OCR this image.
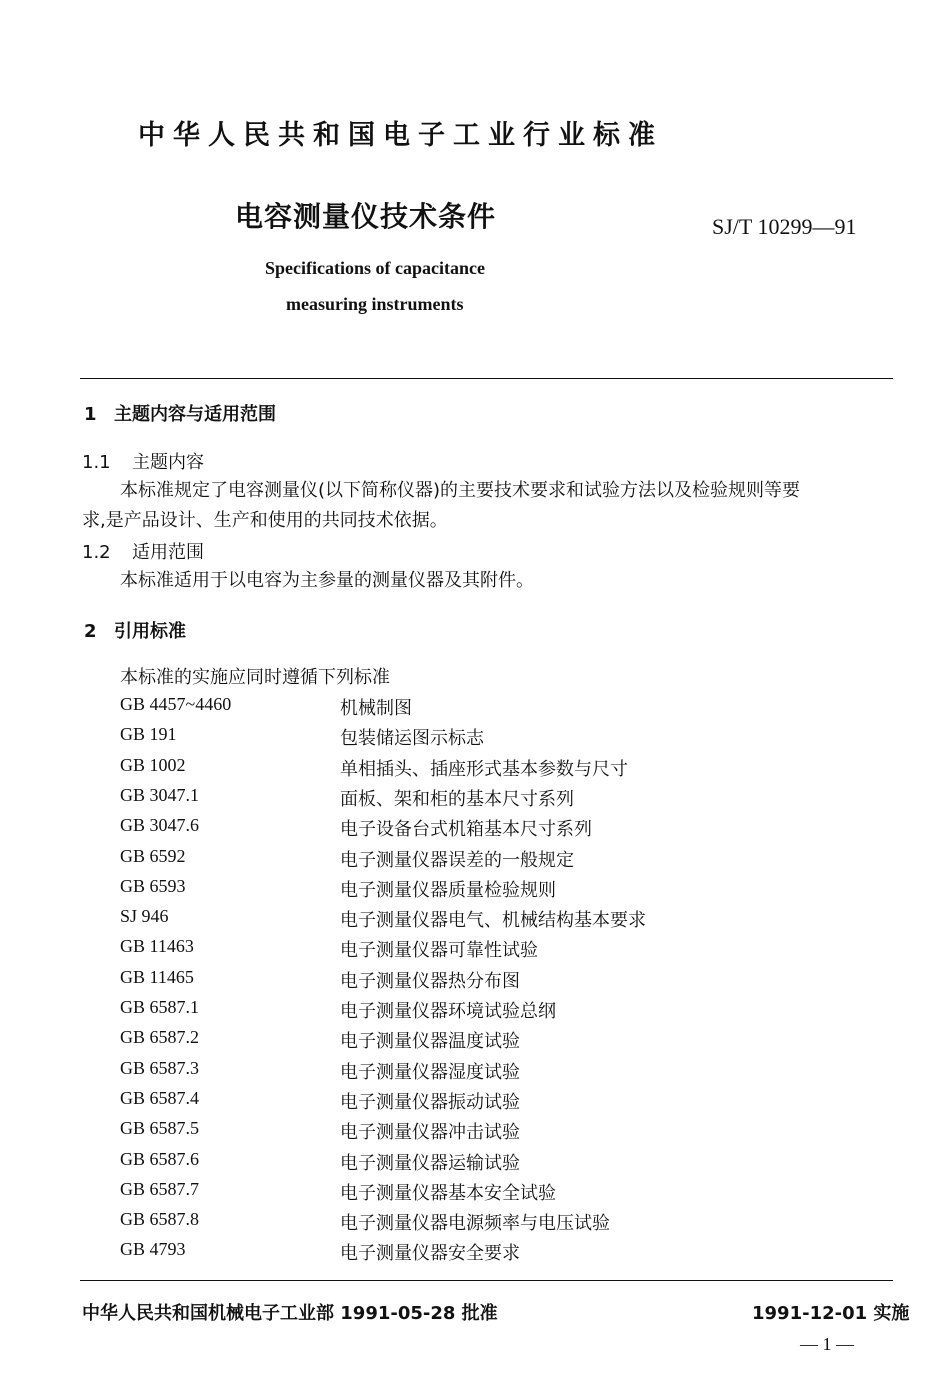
中华人民共和国电子工业行业标准
电容测量仪技术条件	SJ/T 10299—91
Specifications of capacitance
measuring instruments
1 主题内容与适用范围
1.1 主题内容
本标准规定了电容测量仪(以下简称仪器)的主要技术要求和试验方法以及检验规则等要
求,是产品设计、生产和使用的共同技术依据。
1.2 适用范围
本标准适用于以电容为主参量的测量仪器及其附件。
2 引用标准
本标准的实施应同时遵循下列标准
GB 4457~4460	机械制图
GB 191	包装储运图示标志
GB 1002	单相插头、插座形式基本参数与尺寸
GB 3047.1	面板、架和柜的基本尺寸系列
GB 3047.6	电子设备台式机箱基本尺寸系列
GB 6592	电子测量仪器误差的一般规定
GB 6593	电子测量仪器质量检验规则
SJ 946	电子测量仪器电气、机械结构基本要求
GB 11463	电子测量仪器可靠性试验
GB 11465	电子测量仪器热分布图
GB 6587.1	电子测量仪器环境试验总纲
GB 6587.2	电子测量仪器温度试验
GB 6587.3	电子测量仪器湿度试验
GB 6587.4	电子测量仪器振动试验
GB 6587.5	电子测量仪器冲击试验
GB 6587.6	电子测量仪器运输试验
GB 6587.7	电子测量仪器基本安全试验
GB 6587.8	电子测量仪器电源频率与电压试验
GB 4793	电子测量仪器安全要求
中华人民共和国机械电子工业部 1991-05-28 批准	1991-12-01 实施
— 1 —
